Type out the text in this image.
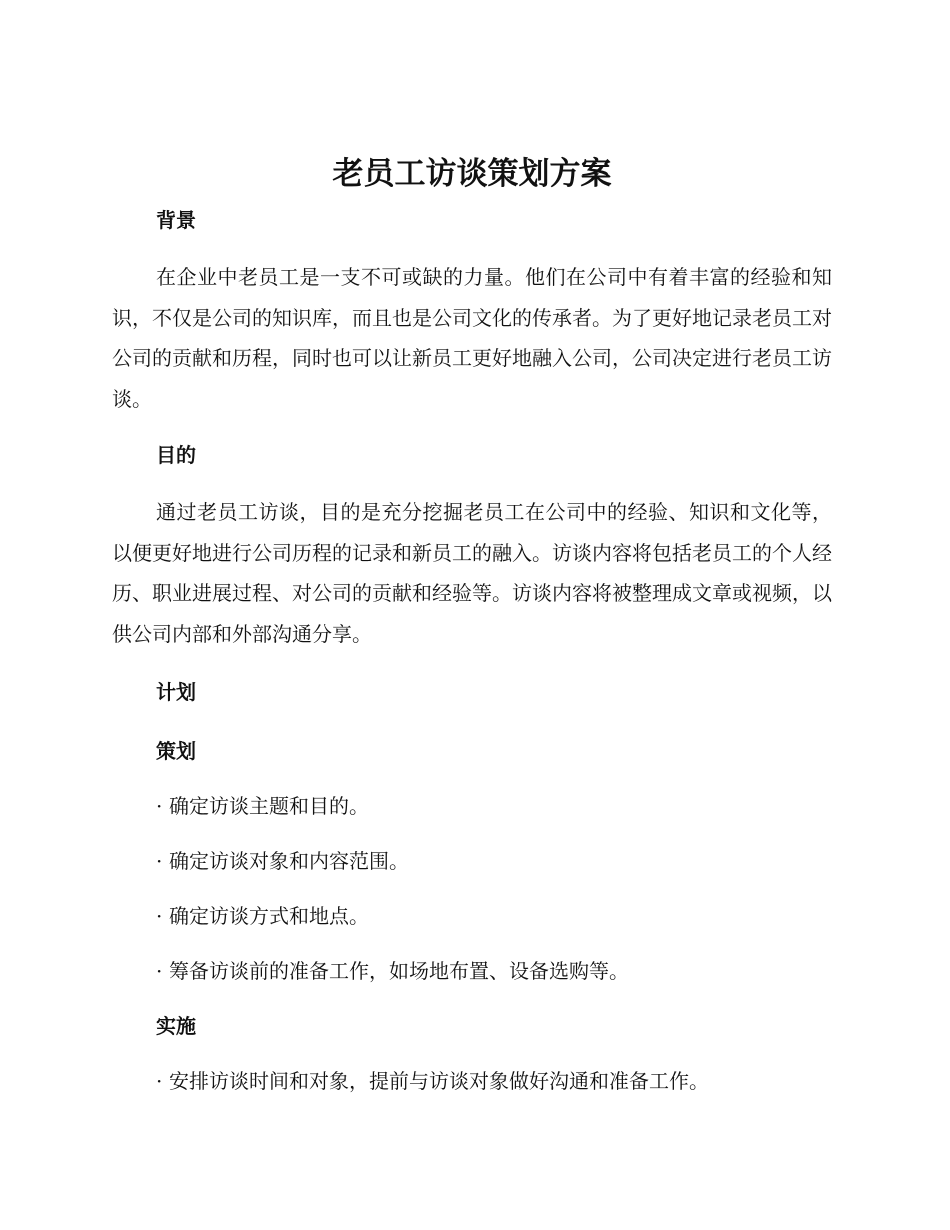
老员工访谈策划方案
背景

在企业中老员工是一支不可或缺的力量。他们在公司中有着丰富的经验和知识，不仅是公司的知识库，而且也是公司文化的传承者。为了更好地记录老员工对公司的贡献和历程，同时也可以让新员工更好地融入公司，公司决定进行老员工访谈。

目的

通过老员工访谈，目的是充分挖掘老员工在公司中的经验、知识和文化等，以便更好地进行公司历程的记录和新员工的融入。访谈内容将包括老员工的个人经历、职业进展过程、对公司的贡献和经验等。访谈内容将被整理成文章或视频，以供公司内部和外部沟通分享。

计划
策划

· 确定访谈主题和目的。

· 确定访谈对象和内容范围。

· 确定访谈方式和地点。

· 筹备访谈前的准备工作，如场地布置、设备选购等。

实施

· 安排访谈时间和对象，提前与访谈对象做好沟通和准备工作。
